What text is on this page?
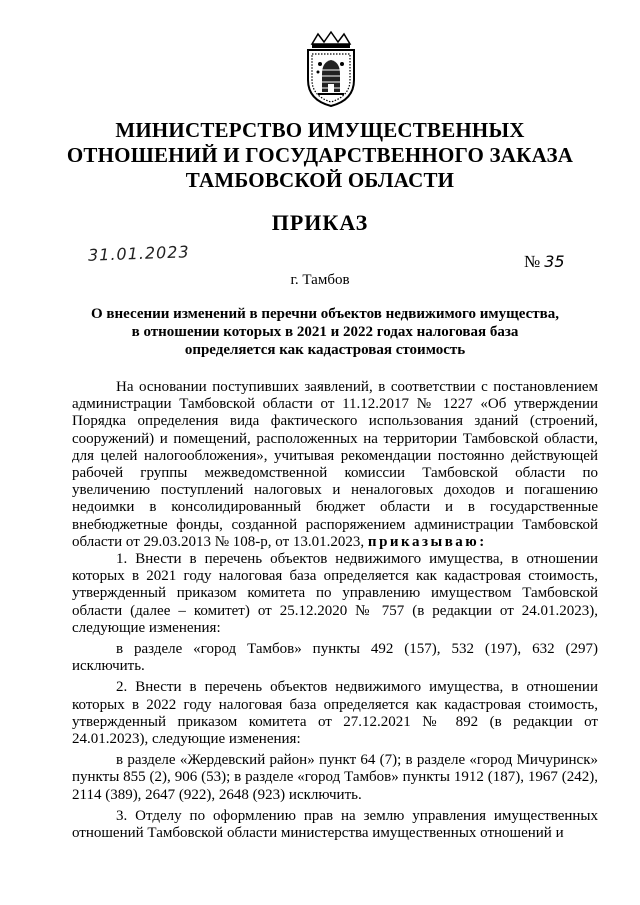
МИНИСТЕРСТВО ИМУЩЕСТВЕННЫХ
ОТНОШЕНИЙ И ГОСУДАРСТВЕННОГО ЗАКАЗА
ТАМБОВСКОЙ ОБЛАСТИ
ПРИКАЗ
31.01.2023	№ 35
г. Тамбов
О внесении изменений в перечни объектов недвижимого имущества,
в отношении которых в 2021 и 2022 годах налоговая база
определяется как кадастровая стоимость

На основании поступивших заявлений, в соответствии с постановлением администрации Тамбовской области от 11.12.2017 № 1227 «Об утверждении Порядка определения вида фактического использования зданий (строений, сооружений) и помещений, расположенных на территории Тамбовской области, для целей налогообложения», учитывая рекомендации постоянно действующей рабочей группы межведомственной комиссии Тамбовской области по увеличению поступлений налоговых и неналоговых доходов и погашению недоимки в консолидированный бюджет области и в государственные внебюджетные фонды, созданной распоряжением администрации Тамбовской области от 29.03.2013 № 108-р, от 13.01.2023, приказываю:

1. Внести в перечень объектов недвижимого имущества, в отношении которых в 2021 году налоговая база определяется как кадастровая стоимость, утвержденный приказом комитета по управлению имуществом Тамбовской области (далее – комитет) от 25.12.2020 № 757 (в редакции от 24.01.2023), следующие изменения:

в разделе «город Тамбов» пункты 492 (157), 532 (197), 632 (297) исключить.

2. Внести в перечень объектов недвижимого имущества, в отношении которых в 2022 году налоговая база определяется как кадастровая стоимость, утвержденный приказом комитета от 27.12.2021 № 892 (в редакции от 24.01.2023), следующие изменения:

в разделе «Жердевский район» пункт 64 (7); в разделе «город Мичуринск» пункты 855 (2), 906 (53); в разделе «город Тамбов» пункты 1912 (187), 1967 (242), 2114 (389), 2647 (922), 2648 (923) исключить.

3. Отделу по оформлению прав на землю управления имущественных отношений Тамбовской области министерства имущественных отношений и
